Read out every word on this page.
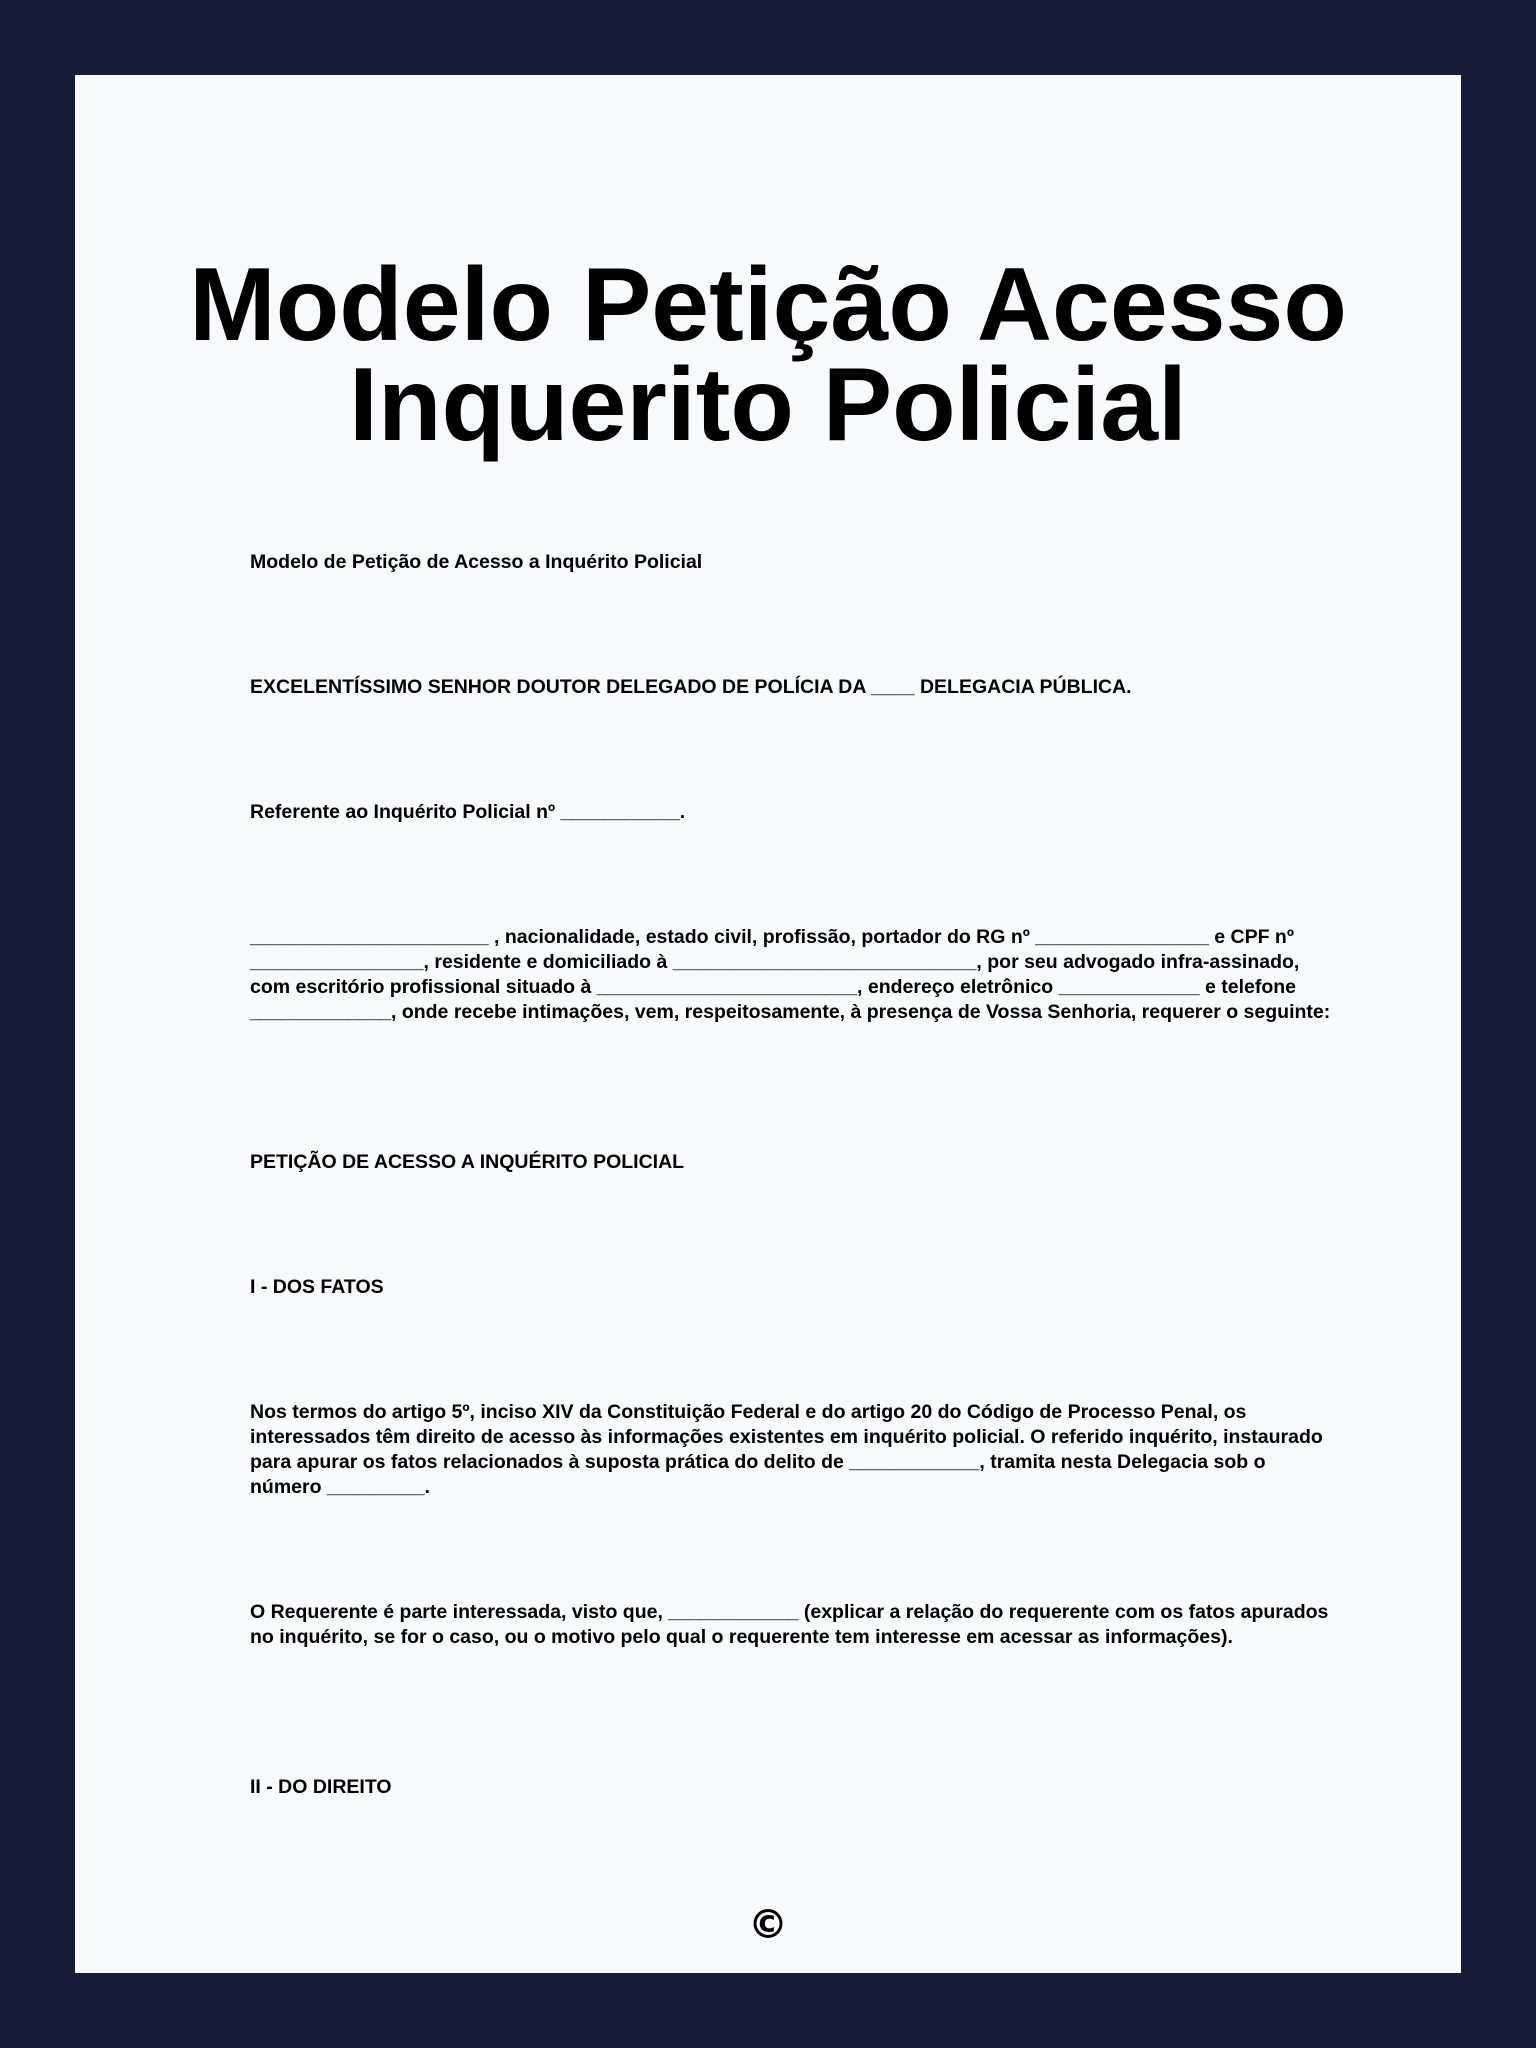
Modelo Petição Acesso
Inquerito Policial

Modelo de Petição de Acesso a Inquérito Policial

EXCELENTÍSSIMO SENHOR DOUTOR DELEGADO DE POLÍCIA DA ____ DELEGACIA PÚBLICA.

Referente ao Inquérito Policial nº ___________.

______________________ , nacionalidade, estado civil, profissão, portador do RG nº ________________ e CPF nº ________________, residente e domiciliado à ____________________________, por seu advogado infra-assinado, com escritório profissional situado à ________________________, endereço eletrônico _____________ e telefone _____________, onde recebe intimações, vem, respeitosamente, à presença de Vossa Senhoria, requerer o seguinte:

PETIÇÃO DE ACESSO A INQUÉRITO POLICIAL

I - DOS FATOS

Nos termos do artigo 5º, inciso XIV da Constituição Federal e do artigo 20 do Código de Processo Penal, os interessados têm direito de acesso às informações existentes em inquérito policial. O referido inquérito, instaurado para apurar os fatos relacionados à suposta prática do delito de ____________, tramita nesta Delegacia sob o número _________.

O Requerente é parte interessada, visto que, ____________ (explicar a relação do requerente com os fatos apurados no inquérito, se for o caso, ou o motivo pelo qual o requerente tem interesse em acessar as informações).

II - DO DIREITO

©
